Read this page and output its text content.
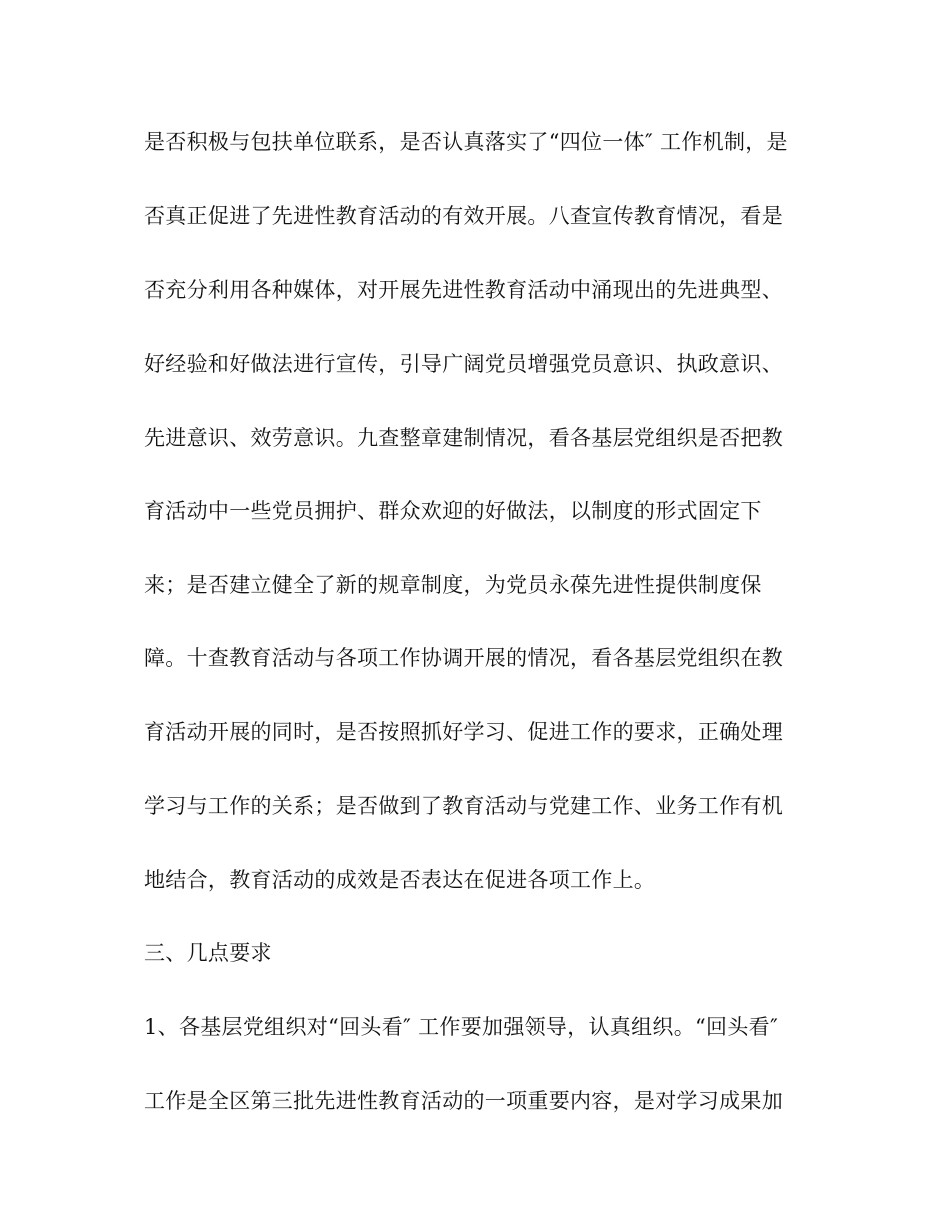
是否积极与包扶单位联系，是否认真落实了“四位一体″ 工作机制，是
否真正促进了先进性教育活动的有效开展。八查宣传教育情况，看是
否充分利用各种媒体，对开展先进性教育活动中涌现出的先进典型、
好经验和好做法进行宣传，引导广阔党员增强党员意识、执政意识、
先进意识、效劳意识。九查整章建制情况，看各基层党组织是否把教
育活动中一些党员拥护、群众欢迎的好做法，以制度的形式固定下
来；是否建立健全了新的规章制度，为党员永葆先进性提供制度保
障。十查教育活动与各项工作协调开展的情况，看各基层党组织在教
育活动开展的同时，是否按照抓好学习、促进工作的要求，正确处理
学习与工作的关系；是否做到了教育活动与党建工作、业务工作有机
地结合，教育活动的成效是否表达在促进各项工作上。
三、几点要求
1、各基层党组织对“回头看″ 工作要加强领导，认真组织。“回头看″
工作是全区第三批先进性教育活动的一项重要内容，是对学习成果加
